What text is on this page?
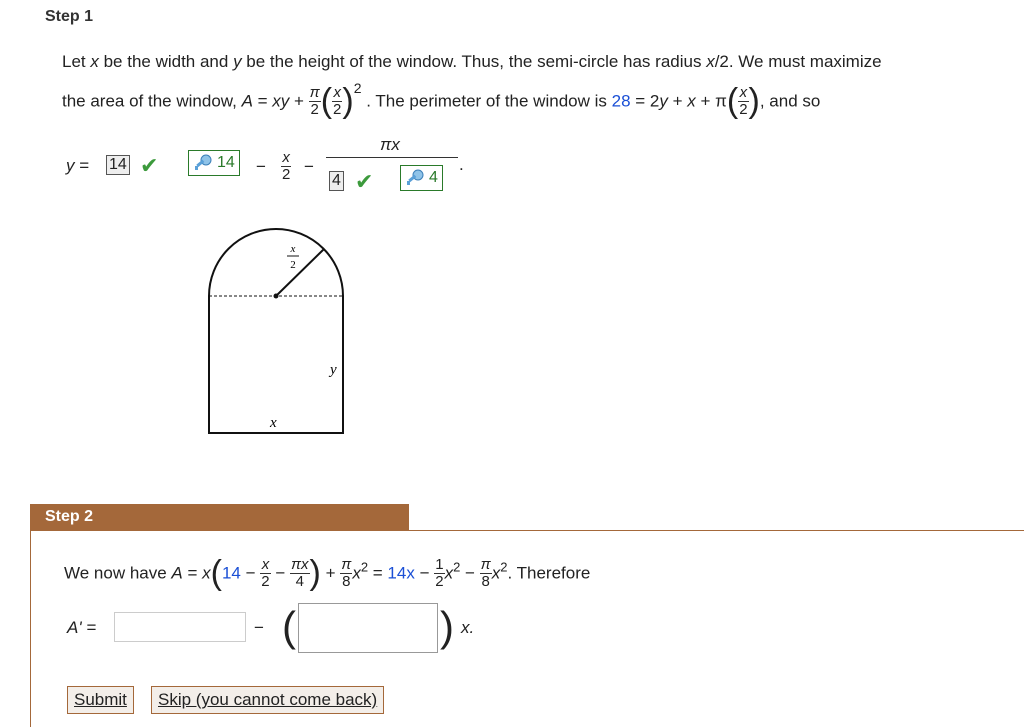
Step 1
Let x be the width and y be the height of the window. Thus, the semi-circle has radius x/2. We must maximize
the area of the window, A = xy + $\frac{\pi}{2}$ ( $\frac{x}{2} )^2$ . The perimeter of the window is $28 = 2y + x + \pi( \frac{x}{2}$ ), and so
y = 14 ✔	$14 - \frac{x}{2}$ −
πx
4 ✔	4
.
x
2
y
x
Step 2
We now have $A = x(14 - \frac{x}{2} - \frac{\pi x}{4}$ ) + $\frac{\pi}{8} x^2 = 14x - \frac{1}{2} x^2 - \frac{\pi}{8} x^2$. Therefore
A' =	− (	) x.
Submit	Skip (you cannot come back)
